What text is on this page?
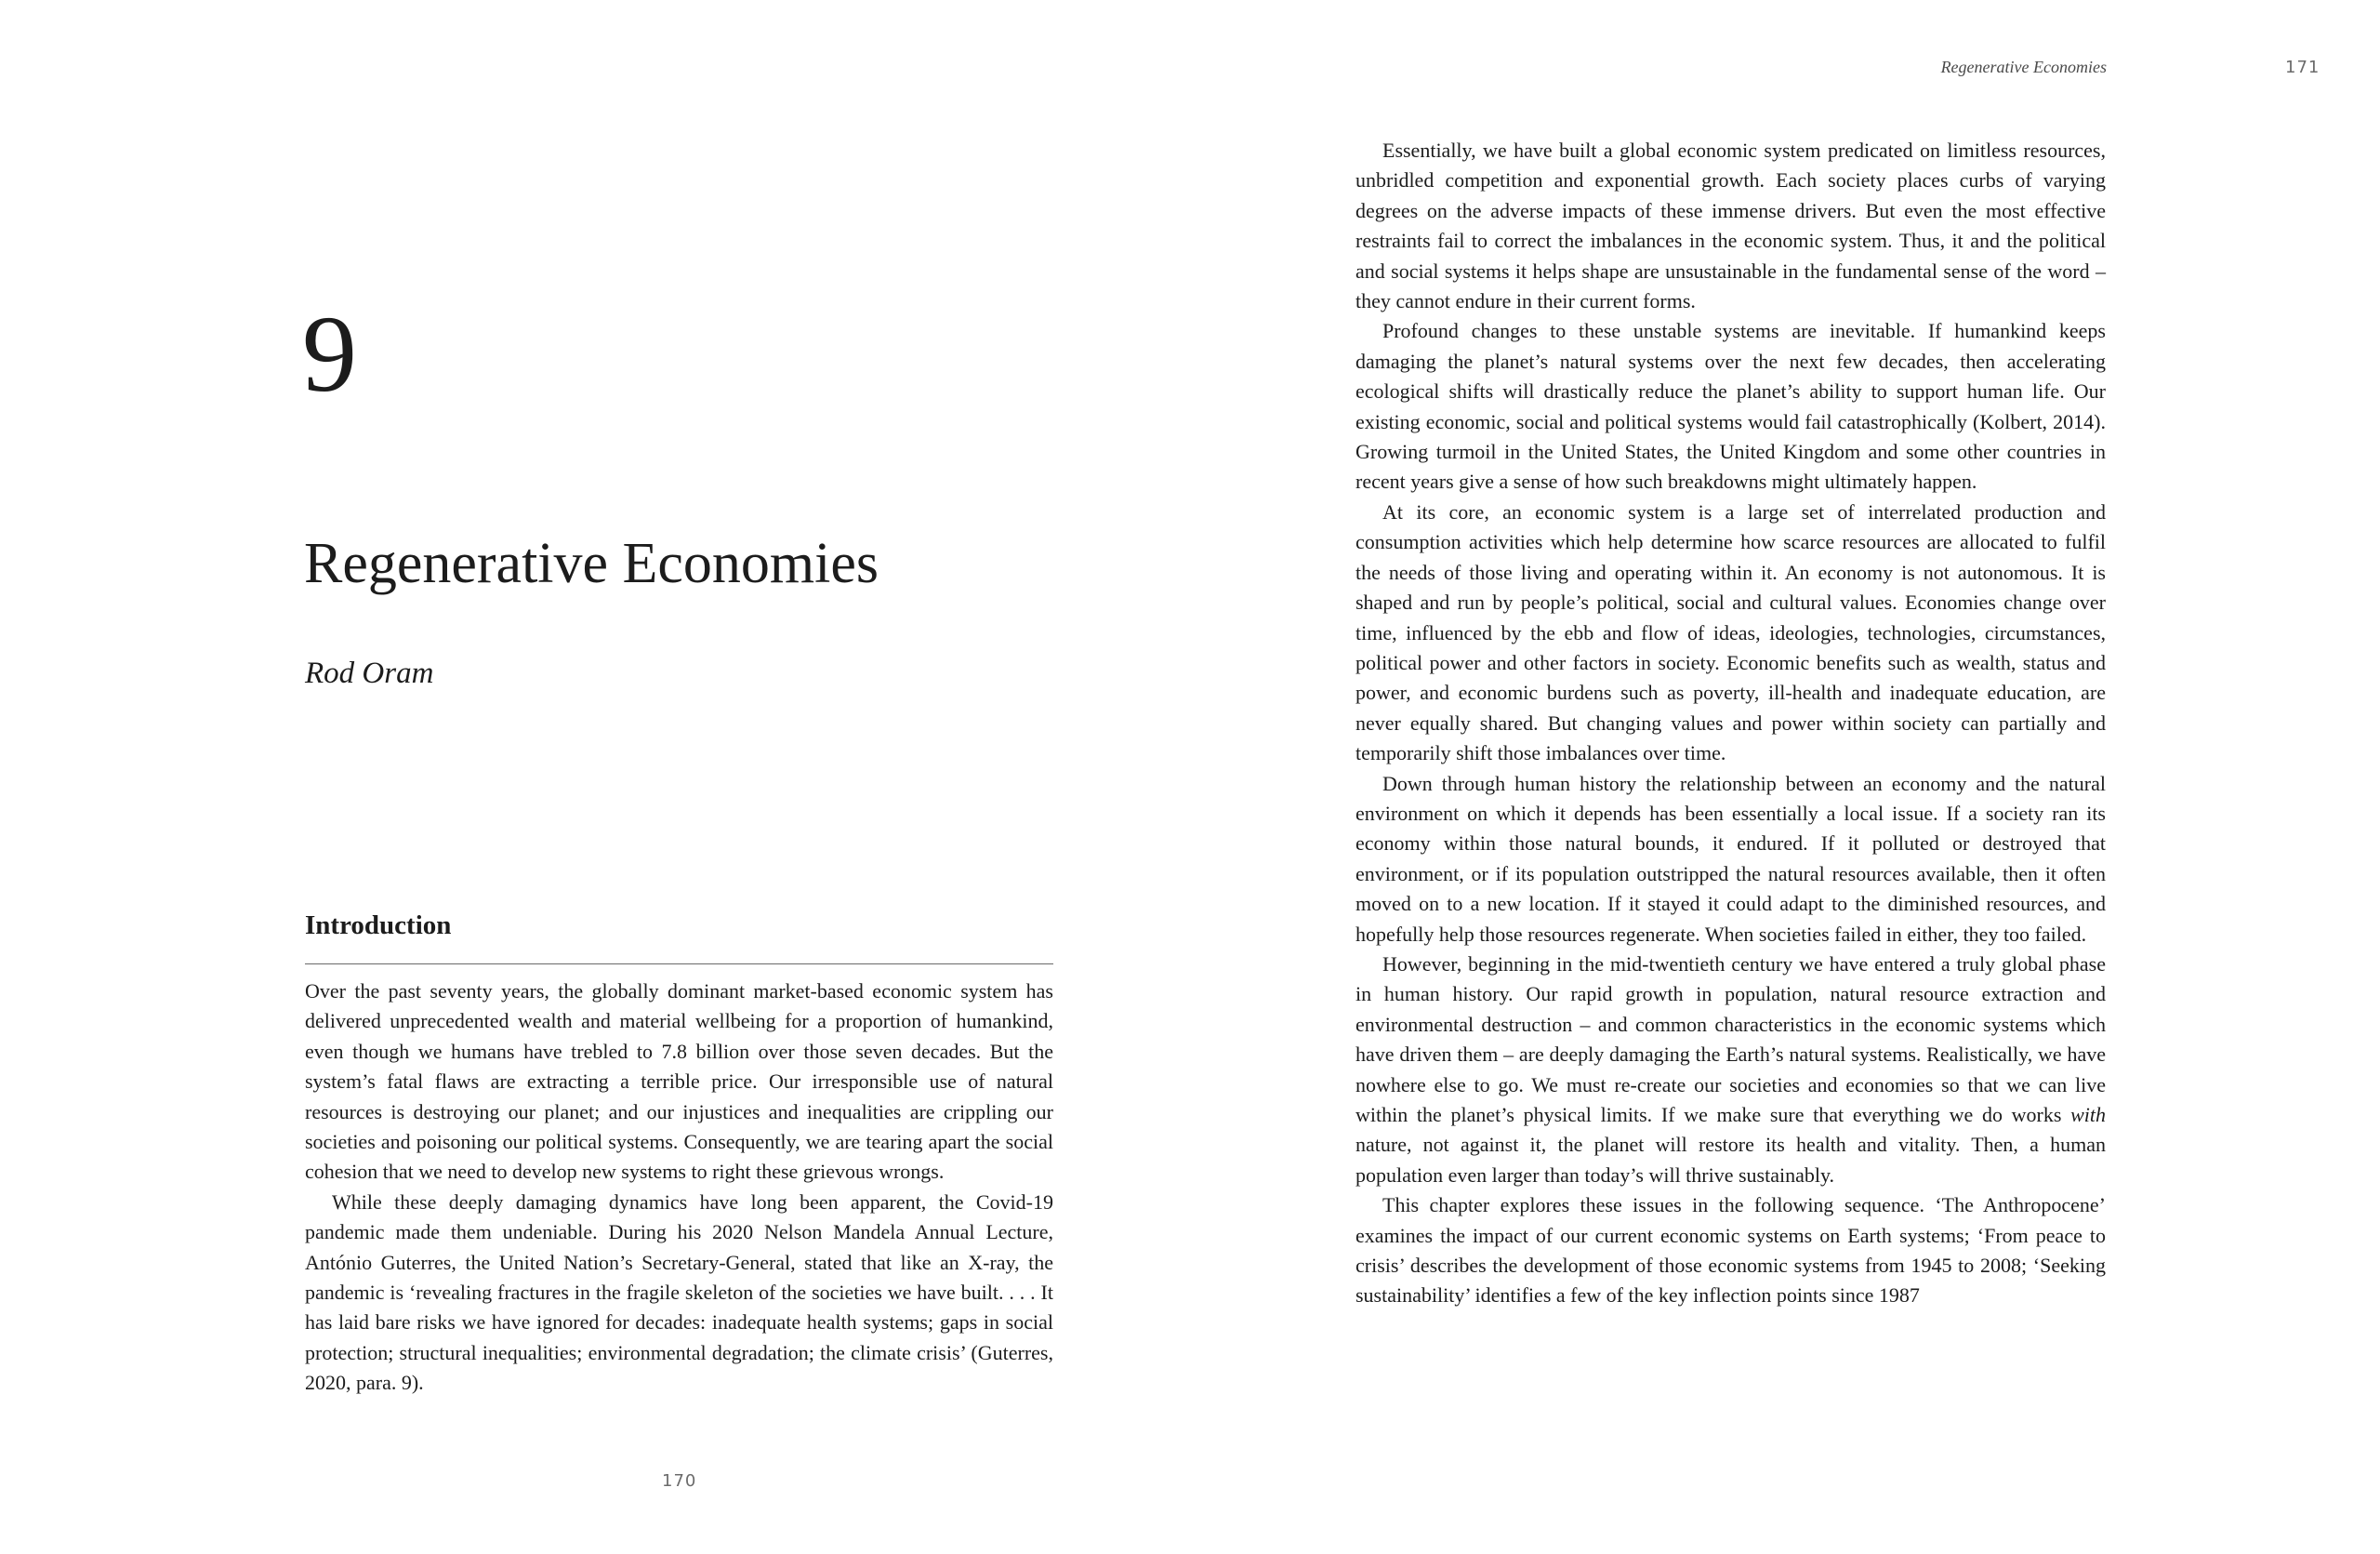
9
Regenerative Economies
Rod Oram
Introduction

Over the past seventy years, the globally dominant market-based economic system has delivered unprecedented wealth and material wellbeing for a proportion of humankind, even though we humans have trebled to 7.8 billion over those seven decades. But the system’s fatal flaws are extracting a terrible price. Our irresponsible use of natural resources is destroying our planet; and our injustices and inequalities are crippling our societies and poisoning our political systems. Consequently, we are tearing apart the social cohesion that we need to develop new systems to right these grievous wrongs.

While these deeply damaging dynamics have long been apparent, the Covid-19 pandemic made them undeniable. During his 2020 Nelson Mandela Annual Lecture, António Guterres, the United Nation’s Secretary-General, stated that like an X-ray, the pandemic is ‘revealing fractures in the fragile skeleton of the societies we have built. . . . It has laid bare risks we have ignored for decades: inadequate health systems; gaps in social protection; structural inequalities; environmental degradation; the climate crisis’ (Guterres, 2020, para. 9).

170
Regenerative Economies	171

Essentially, we have built a global economic system predicated on limitless resources, unbridled competition and exponential growth. Each society places curbs of varying degrees on the adverse impacts of these immense drivers. But even the most effective restraints fail to correct the imbalances in the economic system. Thus, it and the political and social systems it helps shape are unsustainable in the fundamental sense of the word – they cannot endure in their current forms.

Profound changes to these unstable systems are inevitable. If humankind keeps damaging the planet’s natural systems over the next few decades, then accelerating ecological shifts will drastically reduce the planet’s ability to support human life. Our existing economic, social and political systems would fail catastrophically (Kolbert, 2014). Growing turmoil in the United States, the United Kingdom and some other countries in recent years give a sense of how such breakdowns might ultimately happen.

At its core, an economic system is a large set of interrelated production and consumption activities which help determine how scarce resources are allocated to fulfil the needs of those living and operating within it. An economy is not autonomous. It is shaped and run by people’s political, social and cultural values. Economies change over time, influenced by the ebb and flow of ideas, ideologies, technologies, circumstances, political power and other factors in society. Economic benefits such as wealth, status and power, and economic burdens such as poverty, ill-health and inadequate education, are never equally shared. But changing values and power within society can partially and temporarily shift those imbalances over time.

Down through human history the relationship between an economy and the natural environment on which it depends has been essentially a local issue. If a society ran its economy within those natural bounds, it endured. If it polluted or destroyed that environment, or if its population outstripped the natural resources available, then it often moved on to a new location. If it stayed it could adapt to the diminished resources, and hopefully help those resources regenerate. When societies failed in either, they too failed.

However, beginning in the mid-twentieth century we have entered a truly global phase in human history. Our rapid growth in population, natural resource extraction and environmental destruction – and common characteristics in the economic systems which have driven them – are deeply damaging the Earth’s natural systems. Realistically, we have nowhere else to go. We must re-create our societies and economies so that we can live within the planet’s physical limits. If we make sure that everything we do works with nature, not against it, the planet will restore its health and vitality. Then, a human population even larger than today’s will thrive sustainably.

This chapter explores these issues in the following sequence. ‘The Anthropocene’ examines the impact of our current economic systems on Earth systems; ‘From peace to crisis’ describes the development of those economic systems from 1945 to 2008; ‘Seeking sustainability’ identifies a few of the key inflection points since 1987
